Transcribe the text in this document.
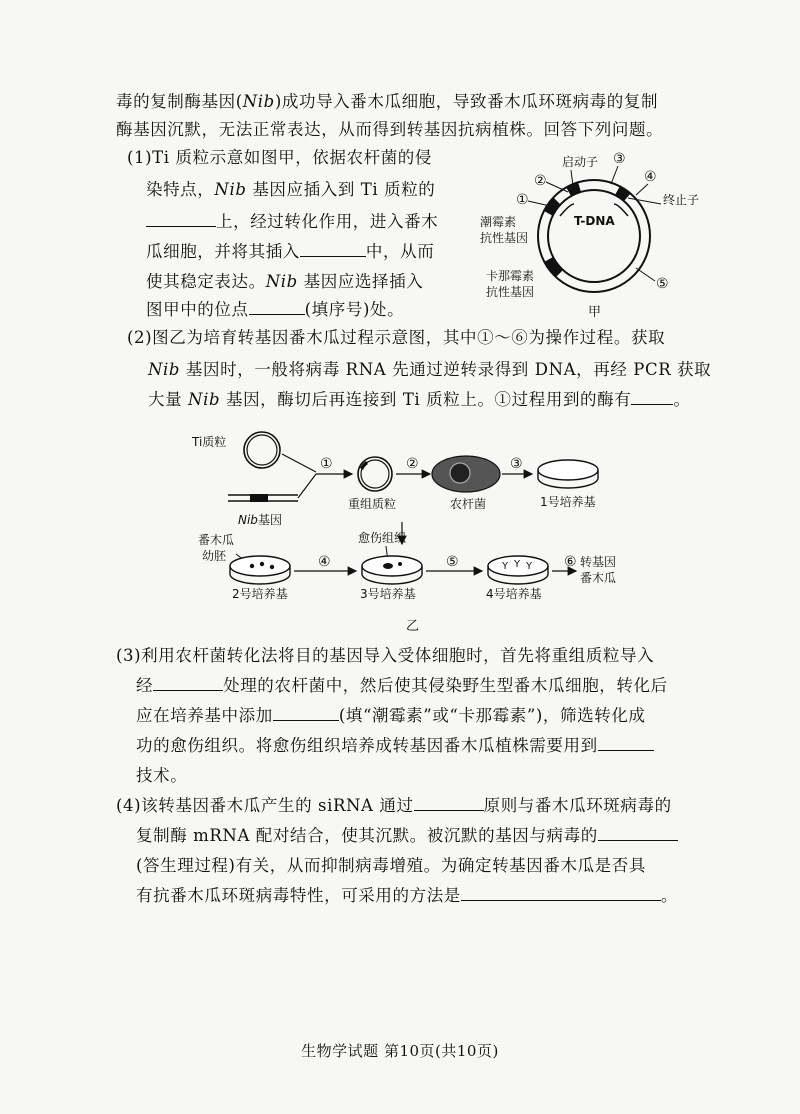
毒的复制酶基因(Nib)成功导入番木瓜细胞，导致番木瓜环斑病毒的复制
酶基因沉默，无法正常表达，从而得到转基因抗病植株。回答下列问题。
(1)Ti 质粒示意如图甲，依据农杆菌的侵
染特点，Nib 基因应插入到 Ti 质粒的
上，经过转化作用，进入番木
瓜细胞，并将其插入	中，从而
使其稳定表达。Nib 基因应选择插入
图甲中的位点	(填序号)处。
T-DNA
启动子
终止子
①
②
③
④
⑤
潮霉素
抗性基因
卡那霉素
抗性基因
甲
(2)图乙为培育转基因番木瓜过程示意图，其中①～⑥为操作过程。获取
Nib 基因时，一般将病毒 RNA 先通过逆转录得到 DNA，再经 PCR 获取
大量 Nib 基因，酶切后再连接到 Ti 质粒上。①过程用到的酶有	。
Ti质粒
Nib基因
①
重组质粒
②
农杆菌
③
1号培养基
番木瓜
幼胚
2号培养基
④
愈伤组织
3号培养基
⑤	Y Y Y
4号培养基
⑥ 转基因
番木瓜
乙
(3)利用农杆菌转化法将目的基因导入受体细胞时，首先将重组质粒导入
经	处理的农杆菌中，然后使其侵染野生型番木瓜细胞，转化后
应在培养基中添加	(填“潮霉素”或“卡那霉素”)，筛选转化成
功的愈伤组织。将愈伤组织培养成转基因番木瓜植株需要用到
技术。
(4)该转基因番木瓜产生的 siRNA 通过	原则与番木瓜环斑病毒的
复制酶 mRNA 配对结合，使其沉默。被沉默的基因与病毒的
(答生理过程)有关，从而抑制病毒增殖。为确定转基因番木瓜是否具
有抗番木瓜环斑病毒特性，可采用的方法是	。
生物学试题 第10页(共10页)
